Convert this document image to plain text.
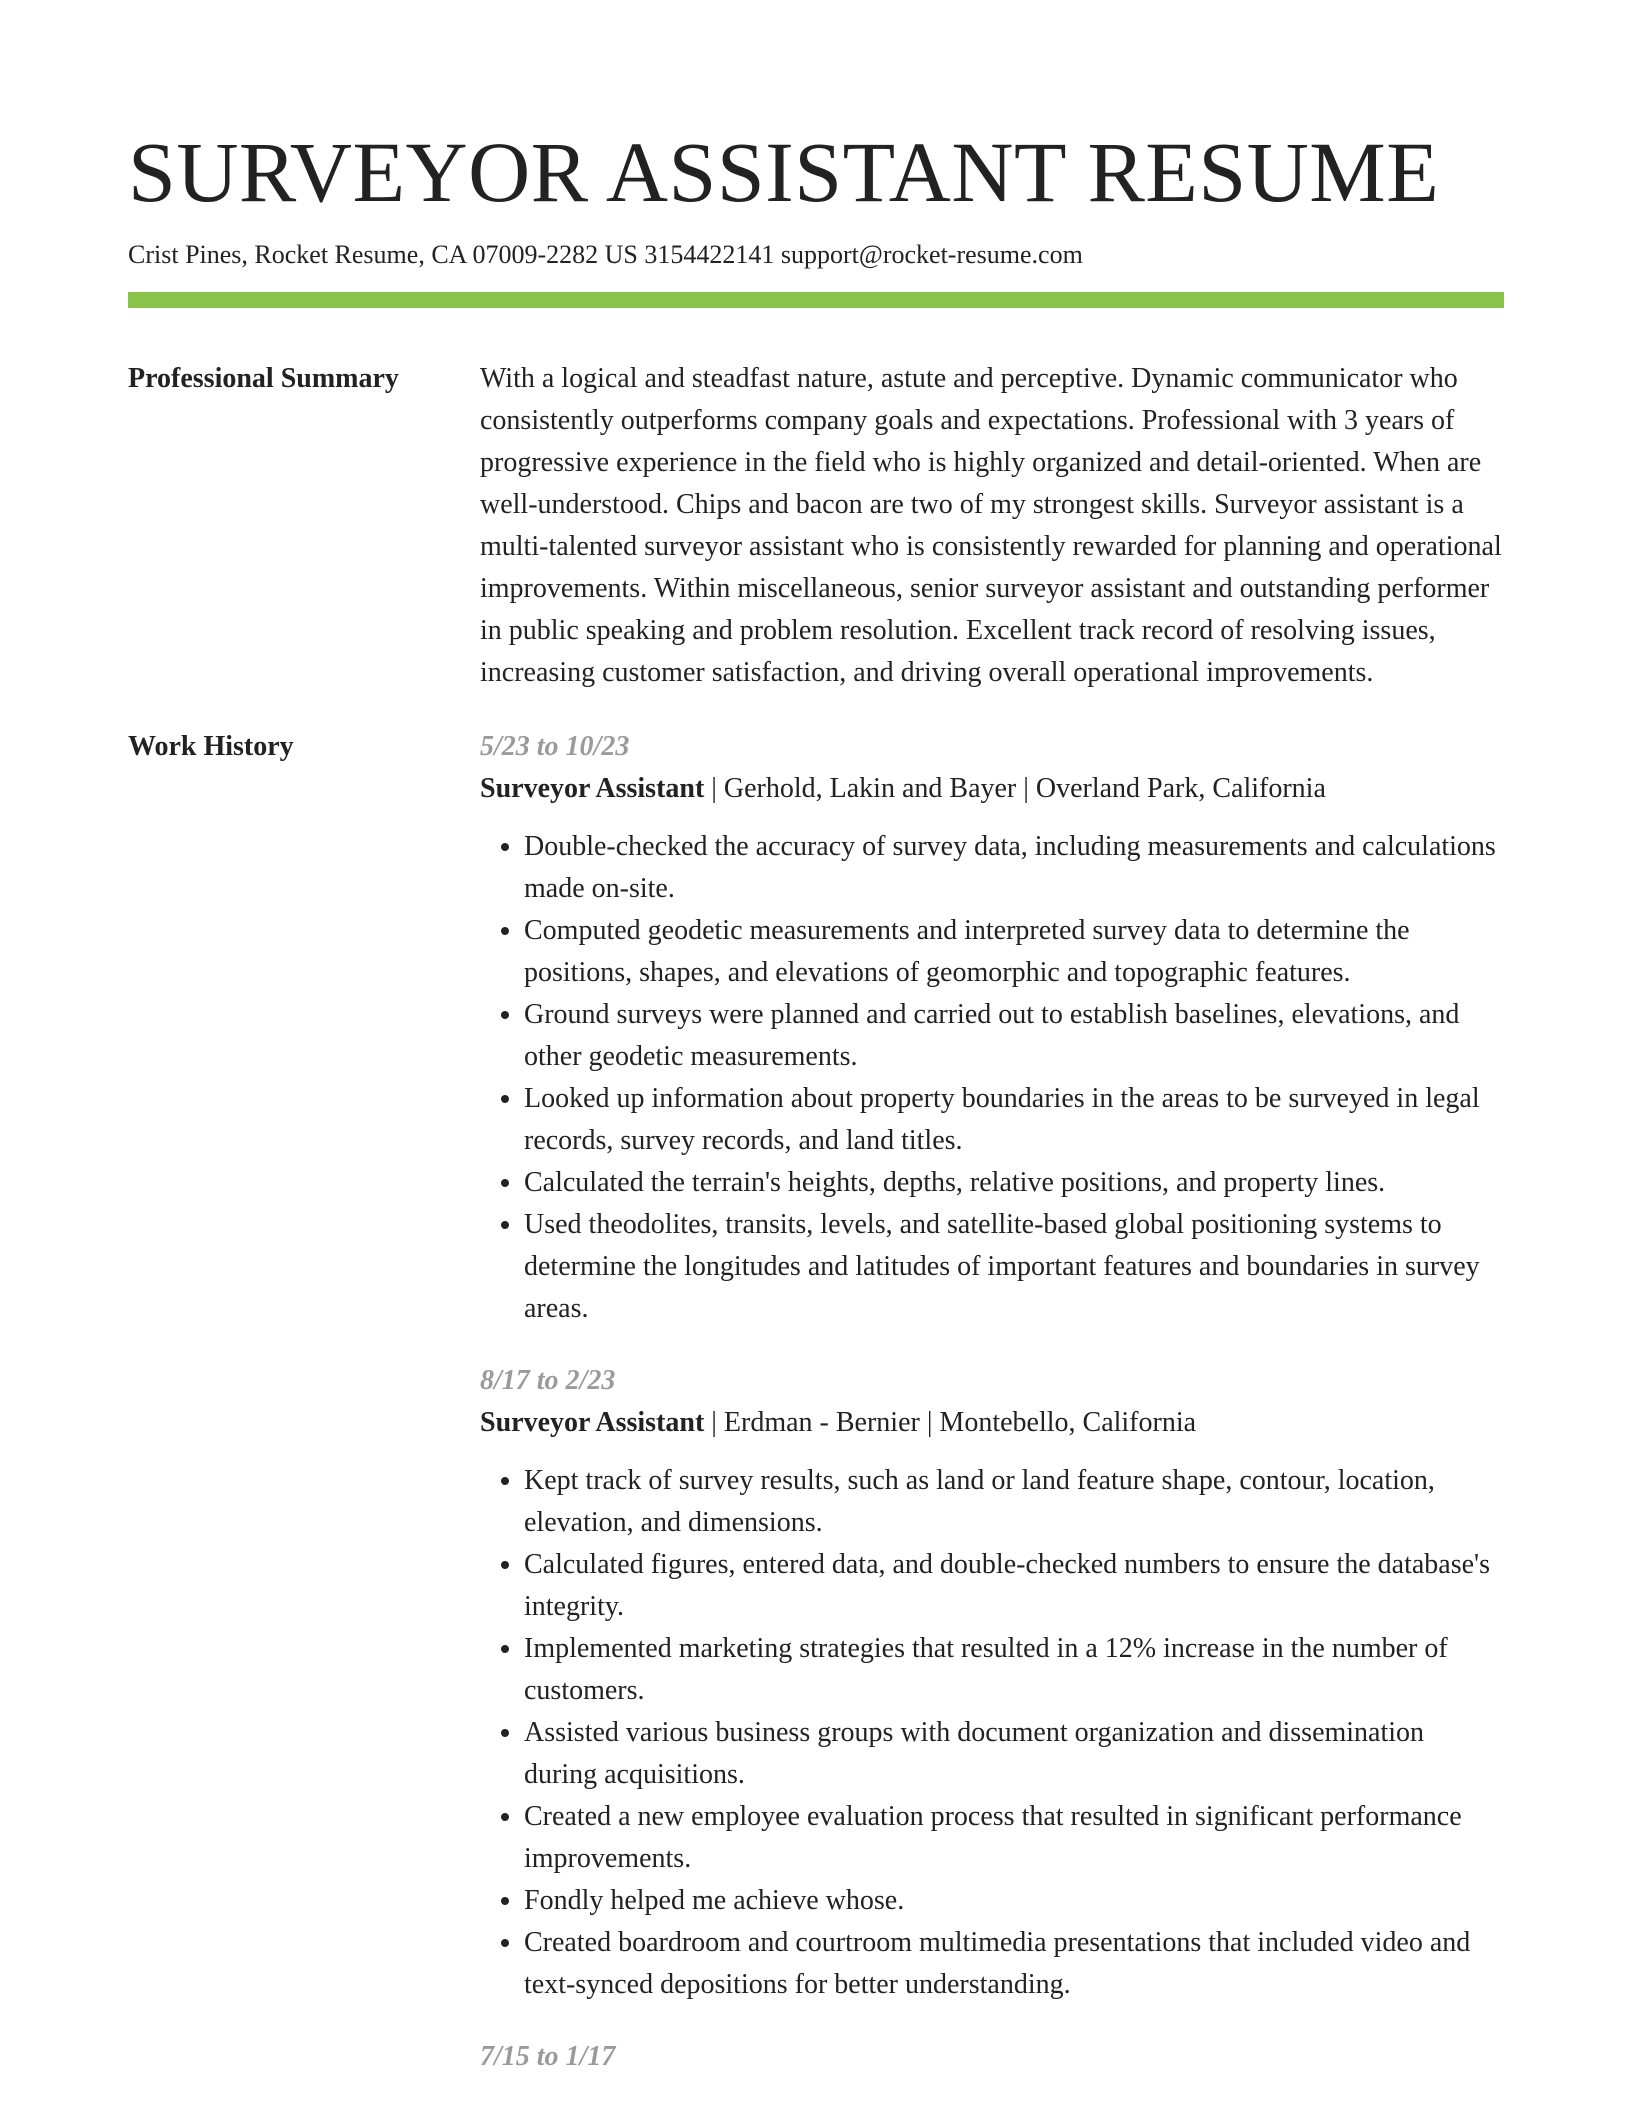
SURVEYOR ASSISTANT RESUME
Crist Pines, Rocket Resume, CA 07009-2282 US 3154422141 support@rocket-resume.com
Professional Summary	With a logical and steadfast nature, astute and perceptive. Dynamic communicator who consistently outperforms company goals and expectations. Professional with 3 years of progressive experience in the field who is highly organized and detail-oriented. When are well-understood. Chips and bacon are two of my strongest skills. Surveyor assistant is a multi-talented surveyor assistant who is consistently rewarded for planning and operational improvements. Within miscellaneous, senior surveyor assistant and outstanding performer in public speaking and problem resolution. Excellent track record of resolving issues, increasing customer satisfaction, and driving overall operational improvements.
Work History	5/23 to 10/23
Surveyor Assistant | Gerhold, Lakin and Bayer | Overland Park, California
• Double-checked the accuracy of survey data, including measurements and calculations made on-site.
• Computed geodetic measurements and interpreted survey data to determine the positions, shapes, and elevations of geomorphic and topographic features.
• Ground surveys were planned and carried out to establish baselines, elevations, and other geodetic measurements.
• Looked up information about property boundaries in the areas to be surveyed in legal records, survey records, and land titles.
• Calculated the terrain's heights, depths, relative positions, and property lines.
• Used theodolites, transits, levels, and satellite-based global positioning systems to determine the longitudes and latitudes of important features and boundaries in survey areas.
8/17 to 2/23
Surveyor Assistant | Erdman - Bernier | Montebello, California
• Kept track of survey results, such as land or land feature shape, contour, location, elevation, and dimensions.
• Calculated figures, entered data, and double-checked numbers to ensure the database's integrity.
• Implemented marketing strategies that resulted in a 12% increase in the number of customers.
• Assisted various business groups with document organization and dissemination during acquisitions.
• Created a new employee evaluation process that resulted in significant performance improvements.
• Fondly helped me achieve whose.
• Created boardroom and courtroom multimedia presentations that included video and text-synced depositions for better understanding.
7/15 to 1/17
